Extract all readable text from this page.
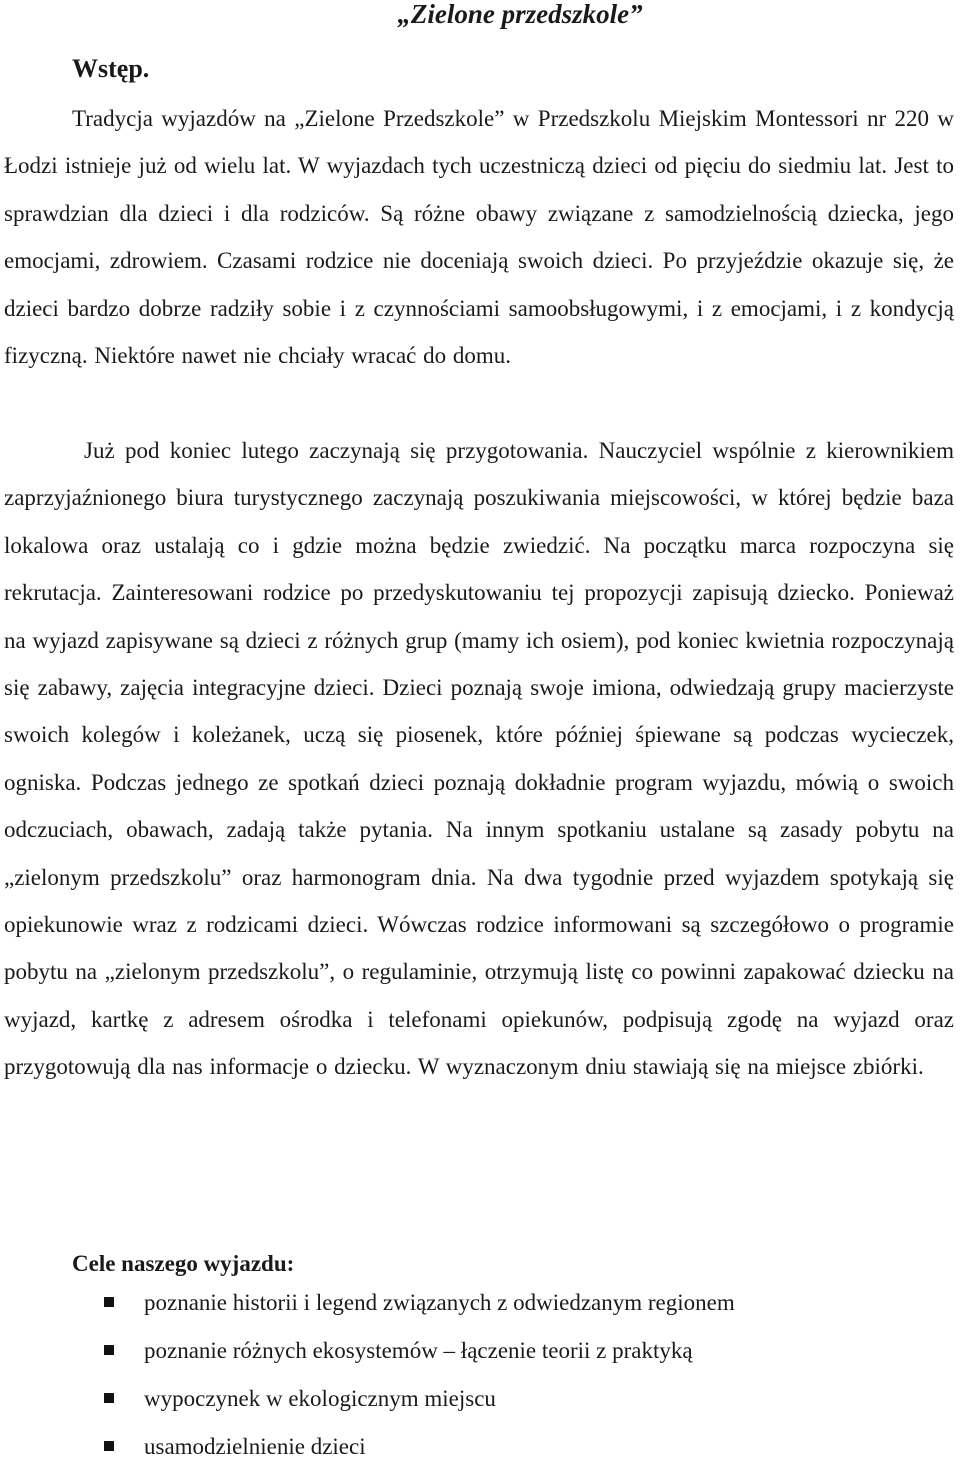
„Zielone przedszkole”
Wstęp.

Tradycja wyjazdów na „Zielone Przedszkole” w Przedszkolu Miejskim Montessori nr 220 w Łodzi istnieje już od wielu lat. W wyjazdach tych uczestniczą dzieci od pięciu do siedmiu lat. Jest to sprawdzian dla dzieci i dla rodziców. Są różne obawy związane z samodzielnością dziecka, jego emocjami, zdrowiem. Czasami rodzice nie doceniają swoich dzieci. Po przyjeździe okazuje się, że dzieci bardzo dobrze radziły sobie i z czynnościami samoobsługowymi, i z emocjami, i z kondycją fizyczną. Niektóre nawet nie chciały wracać do domu.

Już pod koniec lutego zaczynają się przygotowania. Nauczyciel wspólnie z kierownikiem zaprzyjaźnionego biura turystycznego zaczynają poszukiwania miejscowości, w której będzie baza lokalowa oraz ustalają co i gdzie można będzie zwiedzić. Na początku marca rozpoczyna się rekrutacja. Zainteresowani rodzice po przedyskutowaniu tej propozycji zapisują dziecko. Ponieważ na wyjazd zapisywane są dzieci z różnych grup (mamy ich osiem), pod koniec kwietnia rozpoczynają się zabawy, zajęcia integracyjne dzieci. Dzieci poznają swoje imiona, odwiedzają grupy macierzyste swoich kolegów i koleżanek, uczą się piosenek, które później śpiewane są podczas wycieczek, ogniska. Podczas jednego ze spotkań dzieci poznają dokładnie program wyjazdu, mówią o swoich odczuciach, obawach, zadają także pytania. Na innym spotkaniu ustalane są zasady pobytu na „zielonym przedszkolu” oraz harmonogram dnia. Na dwa tygodnie przed wyjazdem spotykają się opiekunowie wraz z rodzicami dzieci. Wówczas rodzice informowani są szczegółowo o programie pobytu na „zielonym przedszkolu”, o regulaminie, otrzymują listę co powinni zapakować dziecku na wyjazd, kartkę z adresem ośrodka i telefonami opiekunów, podpisują zgodę na wyjazd oraz przygotowują dla nas informacje o dziecku. W wyznaczonym dniu stawiają się na miejsce zbiórki.

Cele naszego wyjazdu:
poznanie historii i legend związanych z odwiedzanym regionem
poznanie różnych ekosystemów – łączenie teorii z praktyką
wypoczynek w ekologicznym miejscu
usamodzielnienie dzieci
